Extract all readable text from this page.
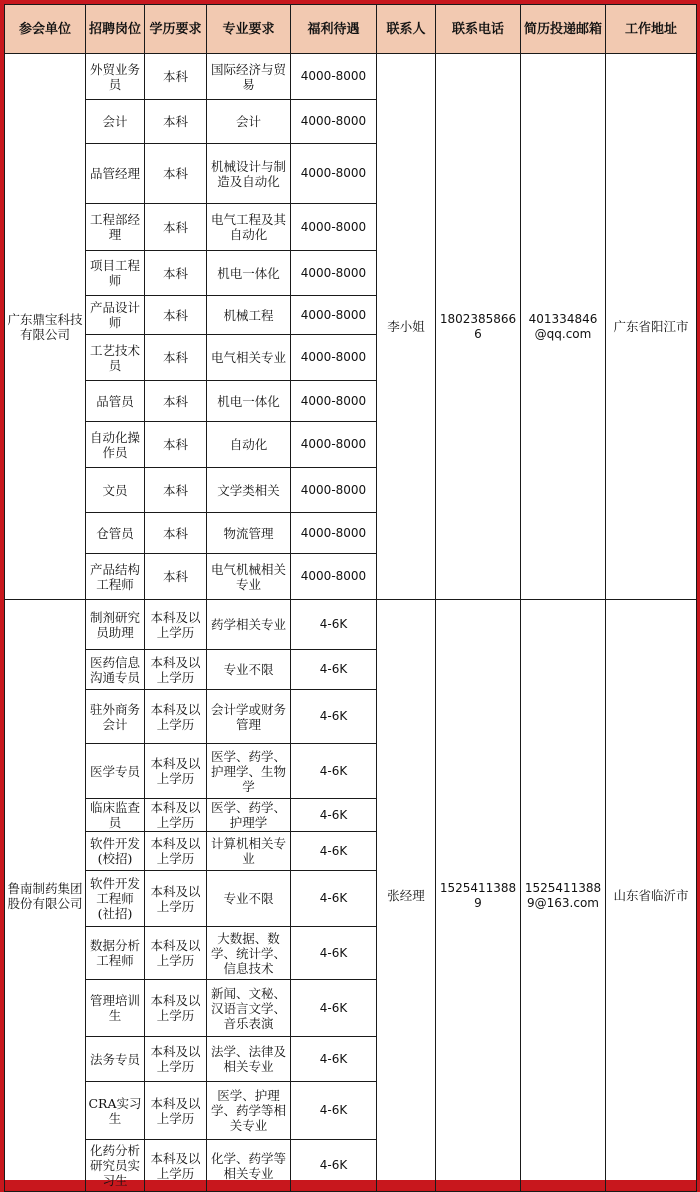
参会单位	招聘岗位	学历要求	专业要求	福利待遇	联系人	联系电话	简历投递邮箱	工作地址
广东鼎宝科技有限公司	外贸业务员	本科	国际经济与贸易	4000-8000	李小姐	18023858666	401334846@qq.com	广东省阳江市
	会计	本科	会计	4000-8000				
	品管经理	本科	机械设计与制造及自动化	4000-8000				
	工程部经理	本科	电气工程及其自动化	4000-8000				
	项目工程师	本科	机电一体化	4000-8000				
	产品设计师	本科	机械工程	4000-8000				
	工艺技术员	本科	电气相关专业	4000-8000				
	品管员	本科	机电一体化	4000-8000				
	自动化操作员	本科	自动化	4000-8000				
	文员	本科	文学类相关	4000-8000				
	仓管员	本科	物流管理	4000-8000				
	产品结构工程师	本科	电气机械相关专业	4000-8000				
鲁南制药集团股份有限公司	制剂研究员助理	本科及以上学历	药学相关专业	4-6K	张经理	15254113889	15254113889@163.com	山东省临沂市
	医药信息沟通专员	本科及以上学历	专业不限	4-6K				
	驻外商务会计	本科及以上学历	会计学或财务管理	4-6K				
	医学专员	本科及以上学历	医学、药学、护理学、生物学	4-6K				
	临床监查员	本科及以上学历	医学、药学、护理学	4-6K				
	软件开发(校招)	本科及以上学历	计算机相关专业	4-6K				
	软件开发工程师(社招)	本科及以上学历	专业不限	4-6K				
	数据分析工程师	本科及以上学历	大数据、数学、统计学、信息技术	4-6K				
	管理培训生	本科及以上学历	新闻、文秘、汉语言文学、音乐表演	4-6K				
	法务专员	本科及以上学历	法学、法律及相关专业	4-6K				
	CRA实习生	本科及以上学历	医学、护理学、药学等相关专业	4-6K				
	化药分析研究员实习生	本科及以上学历	化学、药学等相关专业	4-6K				
